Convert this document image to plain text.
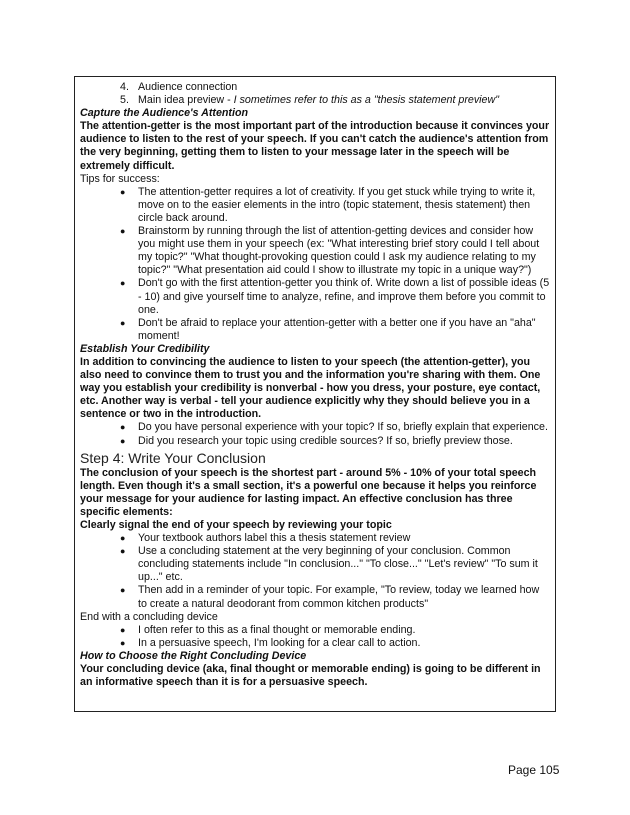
4. Audience connection
5. Main idea preview - I sometimes refer to this as a "thesis statement preview"
Capture the Audience's Attention
The attention-getter is the most important part of the introduction because it convinces your audience to listen to the rest of your speech. If you can't catch the audience's attention from the very beginning, getting them to listen to your message later in the speech will be extremely difficult.
Tips for success:
● The attention-getter requires a lot of creativity. If you get stuck while trying to write it, move on to the easier elements in the intro (topic statement, thesis statement) then circle back around.
● Brainstorm by running through the list of attention-getting devices and consider how you might use them in your speech (ex: "What interesting brief story could I tell about my topic?" "What thought-provoking question could I ask my audience relating to my topic?" "What presentation aid could I show to illustrate my topic in a unique way?")
● Don't go with the first attention-getter you think of. Write down a list of possible ideas (5 - 10) and give yourself time to analyze, refine, and improve them before you commit to one.
● Don't be afraid to replace your attention-getter with a better one if you have an "aha" moment!
Establish Your Credibility
In addition to convincing the audience to listen to your speech (the attention-getter), you also need to convince them to trust you and the information you're sharing with them. One way you establish your credibility is nonverbal - how you dress, your posture, eye contact, etc. Another way is verbal - tell your audience explicitly why they should believe you in a sentence or two in the introduction.
● Do you have personal experience with your topic? If so, briefly explain that experience.
● Did you research your topic using credible sources? If so, briefly preview those.
Step 4: Write Your Conclusion
The conclusion of your speech is the shortest part - around 5% - 10% of your total speech length. Even though it's a small section, it's a powerful one because it helps you reinforce your message for your audience for lasting impact. An effective conclusion has three specific elements:
Clearly signal the end of your speech by reviewing your topic
● Your textbook authors label this a thesis statement review
● Use a concluding statement at the very beginning of your conclusion. Common concluding statements include "In conclusion..." "To close..." "Let's review" "To sum it up..." etc.
● Then add in a reminder of your topic. For example, "To review, today we learned how to create a natural deodorant from common kitchen products"
End with a concluding device
● I often refer to this as a final thought or memorable ending.
● In a persuasive speech, I'm looking for a clear call to action.
How to Choose the Right Concluding Device
Your concluding device (aka, final thought or memorable ending) is going to be different in an informative speech than it is for a persuasive speech.
Page 105
